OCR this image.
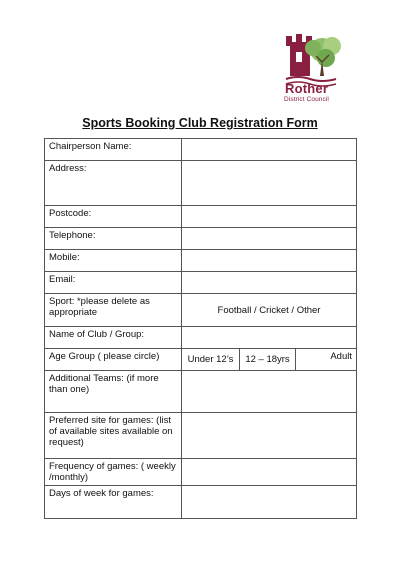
Rother
District Council
Sports Booking Club Registration Form
Chairperson Name:			
Address:			
Postcode:			
Telephone:			
Mobile:			
Email:			
Sport: *please delete as appropriate	Football / Cricket / Other		
Name of Club / Group:			
Age Group ( please circle)	Under 12’s	12 – 18yrs	Adult
Additional Teams: (if more than one)			
Preferred site for games: (list of available sites available on request)			
Frequency of games: ( weekly /monthly)			
Days of week for games:			
